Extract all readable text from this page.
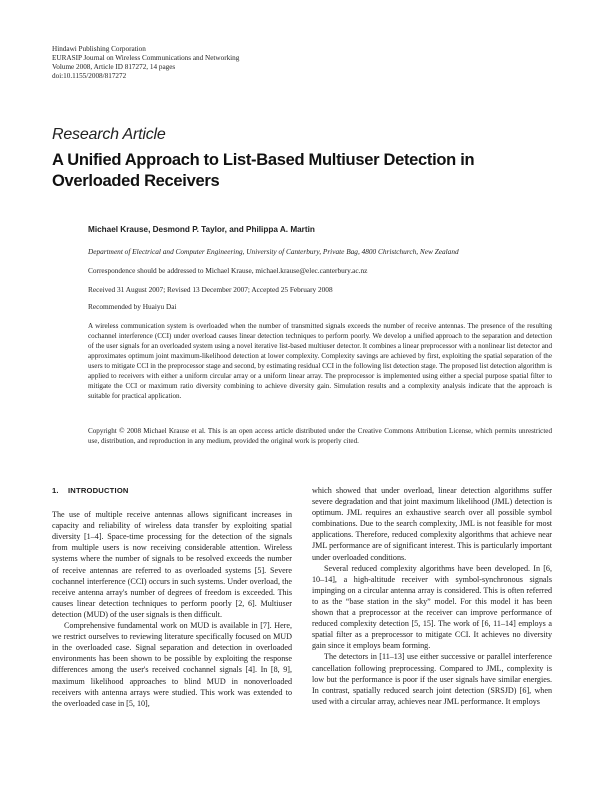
Hindawi Publishing Corporation
EURASIP Journal on Wireless Communications and Networking
Volume 2008, Article ID 817272, 14 pages
doi:10.1155/2008/817272
Research Article
A Unified Approach to List-Based Multiuser Detection in Overloaded Receivers
Michael Krause, Desmond P. Taylor, and Philippa A. Martin
Department of Electrical and Computer Engineering, University of Canterbury, Private Bag, 4800 Christchurch, New Zealand
Correspondence should be addressed to Michael Krause, michael.krause@elec.canterbury.ac.nz
Received 31 August 2007; Revised 13 December 2007; Accepted 25 February 2008
Recommended by Huaiyu Dai
A wireless communication system is overloaded when the number of transmitted signals exceeds the number of receive antennas. The presence of the resulting cochannel interference (CCI) under overload causes linear detection techniques to perform poorly. We develop a unified approach to the separation and detection of the user signals for an overloaded system using a novel iterative list-based multiuser detector. It combines a linear preprocessor with a nonlinear list detector and approximates optimum joint maximum-likelihood detection at lower complexity. Complexity savings are achieved by first, exploiting the spatial separation of the users to mitigate CCI in the preprocessor stage and second, by estimating residual CCI in the following list detection stage. The proposed list detection algorithm is applied to receivers with either a uniform circular array or a uniform linear array. The preprocessor is implemented using either a special purpose spatial filter to mitigate the CCI or maximum ratio diversity combining to achieve diversity gain. Simulation results and a complexity analysis indicate that the approach is suitable for practical application.
Copyright © 2008 Michael Krause et al. This is an open access article distributed under the Creative Commons Attribution License, which permits unrestricted use, distribution, and reproduction in any medium, provided the original work is properly cited.
1. INTRODUCTION

The use of multiple receive antennas allows significant increases in capacity and reliability of wireless data transfer by exploiting spatial diversity [1–4]. Space-time processing for the detection of the signals from multiple users is now receiving considerable attention. Wireless systems where the number of signals to be resolved exceeds the number of receive antennas are referred to as overloaded systems [5]. Severe cochannel interference (CCI) occurs in such systems. Under overload, the receive antenna array's number of degrees of freedom is exceeded. This causes linear detection techniques to perform poorly [2, 6]. Multiuser detection (MUD) of the user signals is then difficult.

Comprehensive fundamental work on MUD is available in [7]. Here, we restrict ourselves to reviewing literature specifically focused on MUD in the overloaded case. Signal separation and detection in overloaded environments has been shown to be possible by exploiting the response differences among the user's received cochannel signals [4]. In [8, 9], maximum likelihood approaches to blind MUD in nonoverloaded receivers with antenna arrays were studied. This work was extended to the overloaded case in [5, 10],

which showed that under overload, linear detection algorithms suffer severe degradation and that joint maximum likelihood (JML) detection is optimum. JML requires an exhaustive search over all possible symbol combinations. Due to the search complexity, JML is not feasible for most applications. Therefore, reduced complexity algorithms that achieve near JML performance are of significant interest. This is particularly important under overloaded conditions.

Several reduced complexity algorithms have been developed. In [6, 10–14], a high-altitude receiver with symbol-synchronous signals impinging on a circular antenna array is considered. This is often referred to as the “base station in the sky” model. For this model it has been shown that a preprocessor at the receiver can improve performance of reduced complexity detection [5, 15]. The work of [6, 11–14] employs a spatial filter as a preprocessor to mitigate CCI. It achieves no diversity gain since it employs beam forming.

The detectors in [11–13] use either successive or parallel interference cancellation following preprocessing. Compared to JML, complexity is low but the performance is poor if the user signals have similar energies. In contrast, spatially reduced search joint detection (SRSJD) [6], when used with a circular array, achieves near JML performance. It employs
